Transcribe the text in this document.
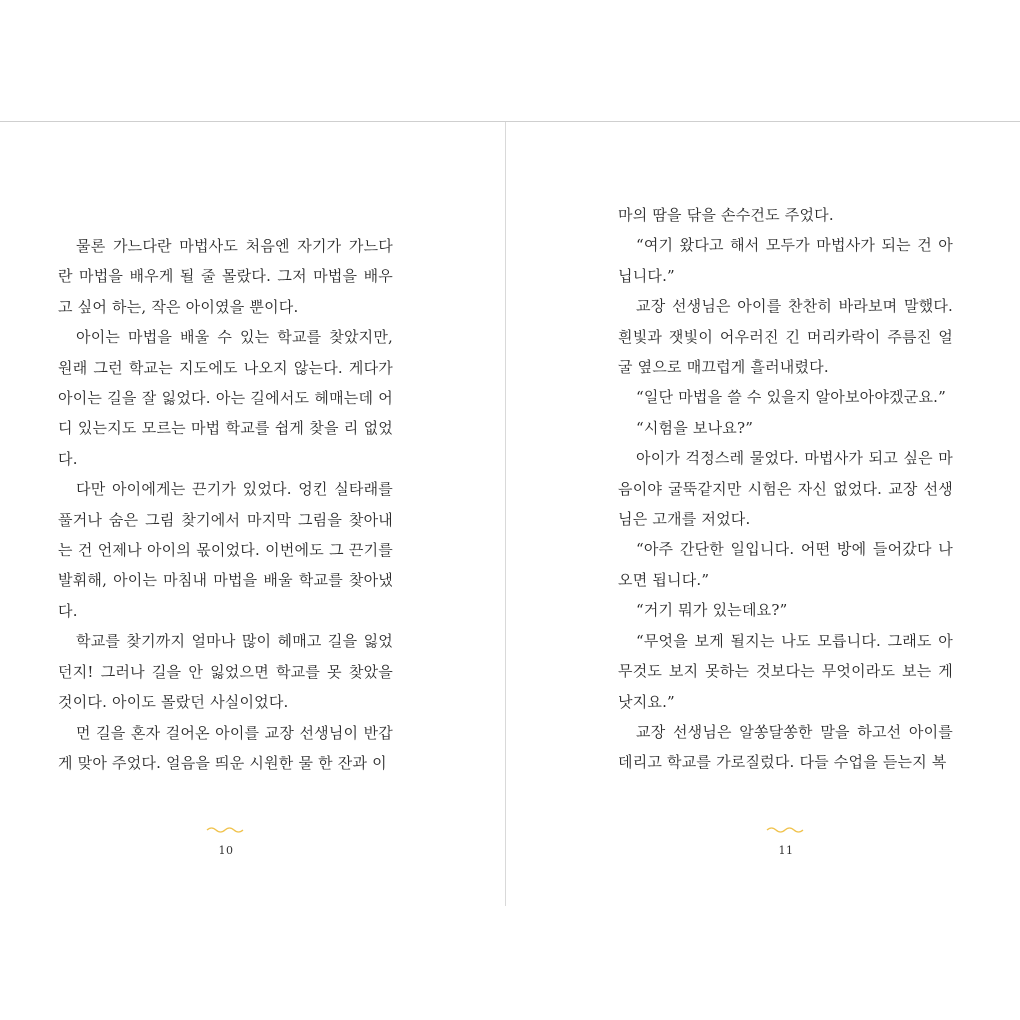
물론 가느다란 마법사도 처음엔 자기가 가느다란 마법을 배우게 될 줄 몰랐다. 그저 마법을 배우고 싶어 하는, 작은 아이였을 뿐이다.

아이는 마법을 배울 수 있는 학교를 찾았지만, 원래 그런 학교는 지도에도 나오지 않는다. 게다가 아이는 길을 잘 잃었다. 아는 길에서도 헤매는데 어디 있는지도 모르는 마법 학교를 쉽게 찾을 리 없었다.

다만 아이에게는 끈기가 있었다. 엉킨 실타래를 풀거나 숨은 그림 찾기에서 마지막 그림을 찾아내는 건 언제나 아이의 몫이었다. 이번에도 그 끈기를 발휘해, 아이는 마침내 마법을 배울 학교를 찾아냈다.

학교를 찾기까지 얼마나 많이 헤매고 길을 잃었던지! 그러나 길을 안 잃었으면 학교를 못 찾았을 것이다. 아이도 몰랐던 사실이었다.

먼 길을 혼자 걸어온 아이를 교장 선생님이 반갑게 맞아 주었다. 얼음을 띄운 시원한 물 한 잔과 이

마의 땀을 닦을 손수건도 주었다.

“여기 왔다고 해서 모두가 마법사가 되는 건 아닙니다.”

교장 선생님은 아이를 찬찬히 바라보며 말했다. 흰빛과 잿빛이 어우러진 긴 머리카락이 주름진 얼굴 옆으로 매끄럽게 흘러내렸다.

“일단 마법을 쓸 수 있을지 알아보아야겠군요.”

“시험을 보나요?”

아이가 걱정스레 물었다. 마법사가 되고 싶은 마음이야 굴뚝같지만 시험은 자신 없었다. 교장 선생님은 고개를 저었다.

“아주 간단한 일입니다. 어떤 방에 들어갔다 나오면 됩니다.”

“거기 뭐가 있는데요?”

“무엇을 보게 될지는 나도 모릅니다. 그래도 아무것도 보지 못하는 것보다는 무엇이라도 보는 게 낫지요.”

교장 선생님은 알쏭달쏭한 말을 하고선 아이를 데리고 학교를 가로질렀다. 다들 수업을 듣는지 복

10	11
